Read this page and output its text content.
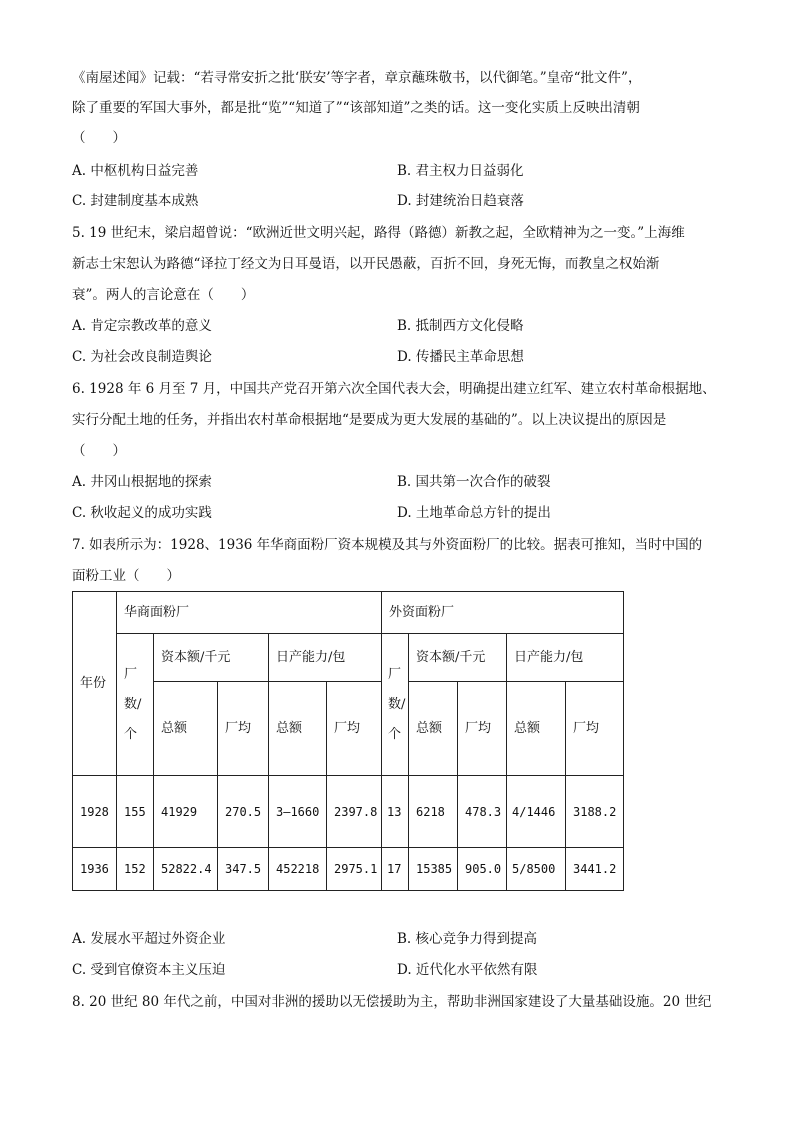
《南屋述闻》记载：“若寻常安折之批‘朕安’等字者，章京蘸珠敬书，以代御笔。”皇帝“批文件”，
除了重要的军国大事外，都是批“览”“知道了”“该部知道”之类的话。这一变化实质上反映出清朝
（　　）
A. 中枢机构日益完善	B. 君主权力日益弱化
C. 封建制度基本成熟	D. 封建统治日趋衰落
5. 19 世纪末，梁启超曾说：“欧洲近世文明兴起，路得（路德）新教之起，全欧精神为之一变。”上海维
新志士宋恕认为路德“译拉丁经文为日耳曼语，以开民愚蔽，百折不回，身死无悔，而教皇之权始渐
衰”。两人的言论意在（　　）
A. 肯定宗教改革的意义	B. 抵制西方文化侵略
C. 为社会改良制造舆论	D. 传播民主革命思想
6. 1928 年 6 月至 7 月，中国共产党召开第六次全国代表大会，明确提出建立红军、建立农村革命根据地、
实行分配土地的任务，并指出农村革命根据地“是要成为更大发展的基础的”。以上决议提出的原因是
（　　）
A. 井冈山根据地的探索	B. 国共第一次合作的破裂
C. 秋收起义的成功实践	D. 土地革命总方针的提出
7. 如表所示为：1928、1936 年华商面粉厂资本规模及其与外资面粉厂的比较。据表可推知，当时中国的
面粉工业（　　）
年份	华商面粉厂					外资面粉厂				
	厂数/个	资本额/千元		日产能力/包		厂数/个	资本额/千元		日产能力/包	
		总额	厂均	总额	厂均		总额	厂均	总额	厂均
1928	155	41929	270.5	3—1660	2397.8	13	6218	478.3	4/1446	3188.2
1936	152	52822.4	347.5	452218	2975.1	17	15385	905.0	5/8500	3441.2
A. 发展水平超过外资企业	B. 核心竞争力得到提高
C. 受到官僚资本主义压迫	D. 近代化水平依然有限
8. 20 世纪 80 年代之前，中国对非洲的援助以无偿援助为主，帮助非洲国家建设了大量基础设施。20 世纪
